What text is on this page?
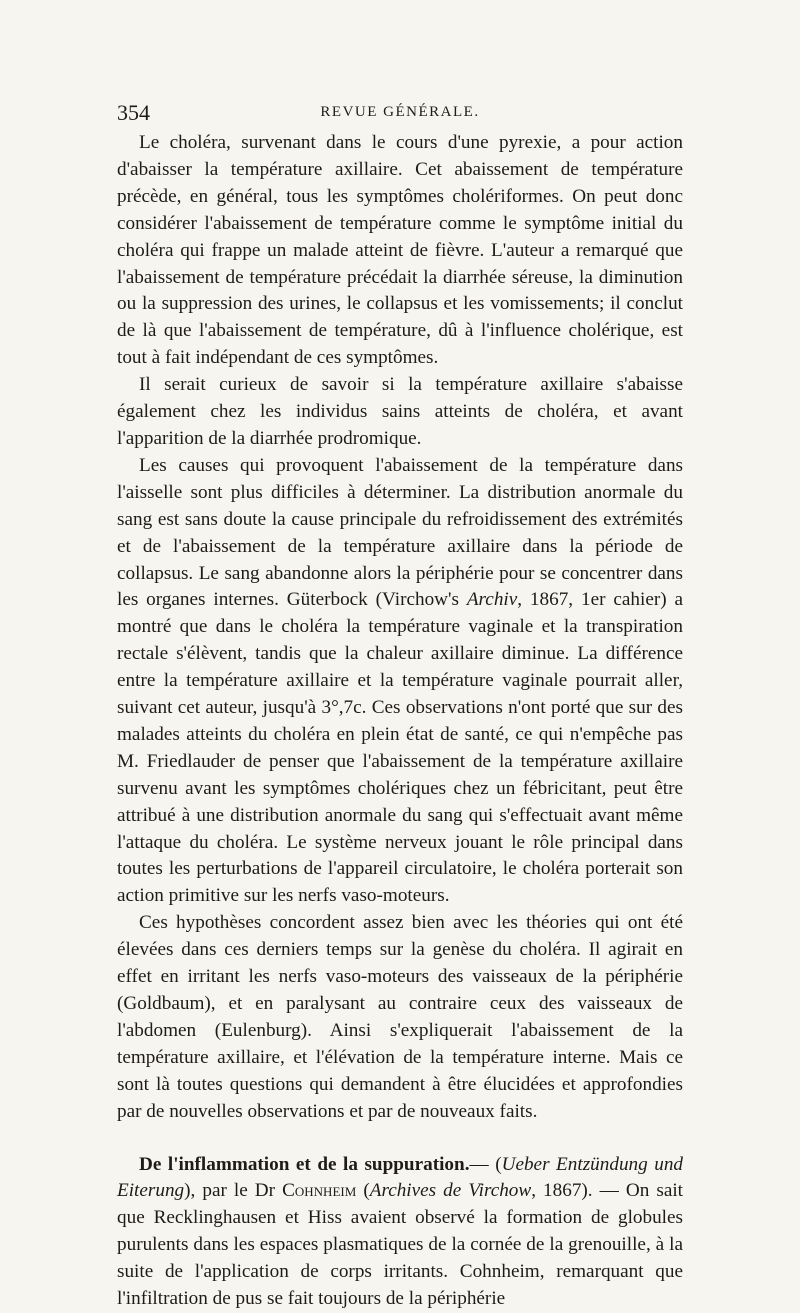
354	REVUE GÉNÉRALE.

Le choléra, survenant dans le cours d'une pyrexie, a pour action d'abaisser la température axillaire. Cet abaissement de température précède, en général, tous les symptômes cholériformes. On peut donc considérer l'abaissement de température comme le symptôme initial du choléra qui frappe un malade atteint de fièvre. L'auteur a remarqué que l'abaissement de température précédait la diarrhée séreuse, la diminution ou la suppression des urines, le collapsus et les vomissements; il conclut de là que l'abaissement de température, dû à l'influence cholérique, est tout à fait indépendant de ces symptômes.

Il serait curieux de savoir si la température axillaire s'abaisse également chez les individus sains atteints de choléra, et avant l'apparition de la diarrhée prodromique.

Les causes qui provoquent l'abaissement de la température dans l'aisselle sont plus difficiles à déterminer. La distribution anormale du sang est sans doute la cause principale du refroidissement des extrémités et de l'abaissement de la température axillaire dans la période de collapsus. Le sang abandonne alors la périphérie pour se concentrer dans les organes internes. Güterbock (Virchow's Archiv, 1867, 1er cahier) a montré que dans le choléra la température vaginale et la transpiration rectale s'élèvent, tandis que la chaleur axillaire diminue. La différence entre la température axillaire et la température vaginale pourrait aller, suivant cet auteur, jusqu'à 3°,7c. Ces observations n'ont porté que sur des malades atteints du choléra en plein état de santé, ce qui n'empêche pas M. Friedlauder de penser que l'abaissement de la température axillaire survenu avant les symptômes cholériques chez un fébricitant, peut être attribué à une distribution anormale du sang qui s'effectuait avant même l'attaque du choléra. Le système nerveux jouant le rôle principal dans toutes les perturbations de l'appareil circulatoire, le choléra porterait son action primitive sur les nerfs vaso-moteurs.

Ces hypothèses concordent assez bien avec les théories qui ont été élevées dans ces derniers temps sur la genèse du choléra. Il agirait en effet en irritant les nerfs vaso-moteurs des vaisseaux de la périphérie (Goldbaum), et en paralysant au contraire ceux des vaisseaux de l'abdomen (Eulenburg). Ainsi s'expliquerait l'abaissement de la température axillaire, et l'élévation de la température interne. Mais ce sont là toutes questions qui demandent à être élucidées et approfondies par de nouvelles observations et par de nouveaux faits.

De l'inflammation et de la suppuration.— (Ueber Entzündung und Eiterung), par le Dr Cohnheim (Archives de Virchow, 1867). — On sait que Recklinghausen et Hiss avaient observé la formation de globules purulents dans les espaces plasmatiques de la cornée de la grenouille, à la suite de l'application de corps irritants. Cohnheim, remarquant que l'infiltration de pus se fait toujours de la périphérie
